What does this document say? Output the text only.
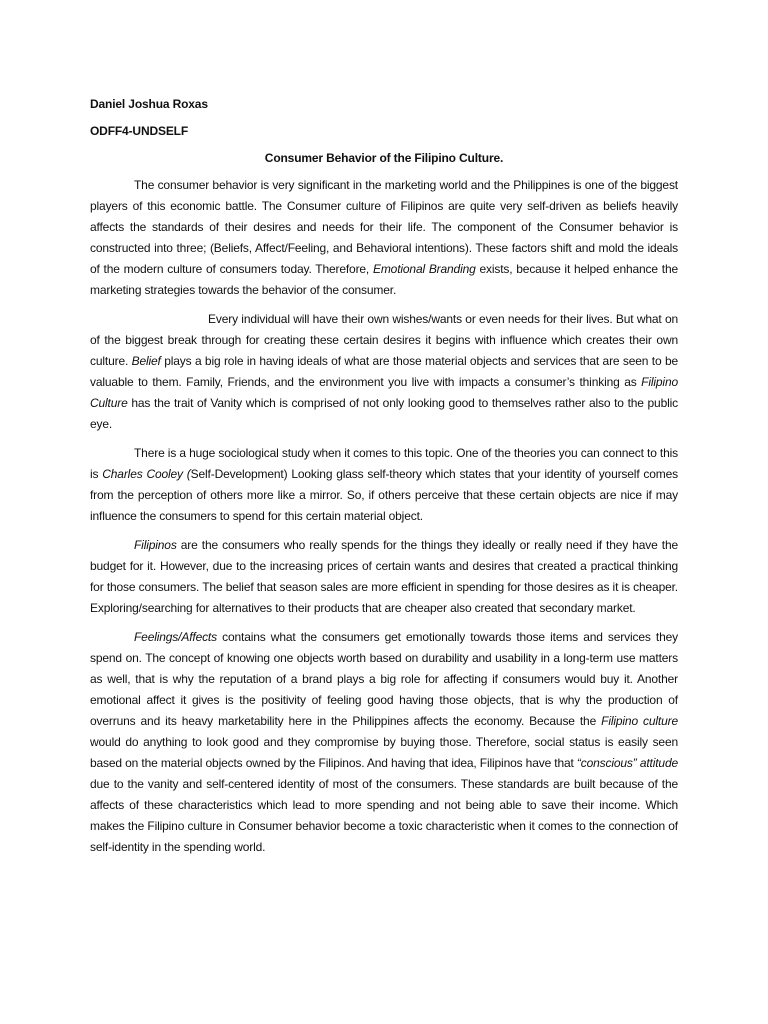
Daniel Joshua Roxas

ODFF4-UNDSELF

Consumer Behavior of the Filipino Culture.

The consumer behavior is very significant in the marketing world and the Philippines is one of the biggest players of this economic battle. The Consumer culture of Filipinos are quite very self-driven as beliefs heavily affects the standards of their desires and needs for their life. The component of the Consumer behavior is constructed into three; (Beliefs, Affect/Feeling, and Behavioral intentions). These factors shift and mold the ideals of the modern culture of consumers today. Therefore, Emotional Branding exists, because it helped enhance the marketing strategies towards the behavior of the consumer.

Every individual will have their own wishes/wants or even needs for their lives. But what on of the biggest break through for creating these certain desires it begins with influence which creates their own culture. Belief plays a big role in having ideals of what are those material objects and services that are seen to be valuable to them. Family, Friends, and the environment you live with impacts a consumer’s thinking as Filipino Culture has the trait of Vanity which is comprised of not only looking good to themselves rather also to the public eye.

There is a huge sociological study when it comes to this topic. One of the theories you can connect to this is Charles Cooley (Self-Development) Looking glass self-theory which states that your identity of yourself comes from the perception of others more like a mirror. So, if others perceive that these certain objects are nice if may influence the consumers to spend for this certain material object.

Filipinos are the consumers who really spends for the things they ideally or really need if they have the budget for it. However, due to the increasing prices of certain wants and desires that created a practical thinking for those consumers. The belief that season sales are more efficient in spending for those desires as it is cheaper. Exploring/searching for alternatives to their products that are cheaper also created that secondary market.

Feelings/Affects contains what the consumers get emotionally towards those items and services they spend on. The concept of knowing one objects worth based on durability and usability in a long-term use matters as well, that is why the reputation of a brand plays a big role for affecting if consumers would buy it. Another emotional affect it gives is the positivity of feeling good having those objects, that is why the production of overruns and its heavy marketability here in the Philippines affects the economy. Because the Filipino culture would do anything to look good and they compromise by buying those. Therefore, social status is easily seen based on the material objects owned by the Filipinos. And having that idea, Filipinos have that “conscious” attitude due to the vanity and self-centered identity of most of the consumers. These standards are built because of the affects of these characteristics which lead to more spending and not being able to save their income. Which makes the Filipino culture in Consumer behavior become a toxic characteristic when it comes to the connection of self-identity in the spending world.
